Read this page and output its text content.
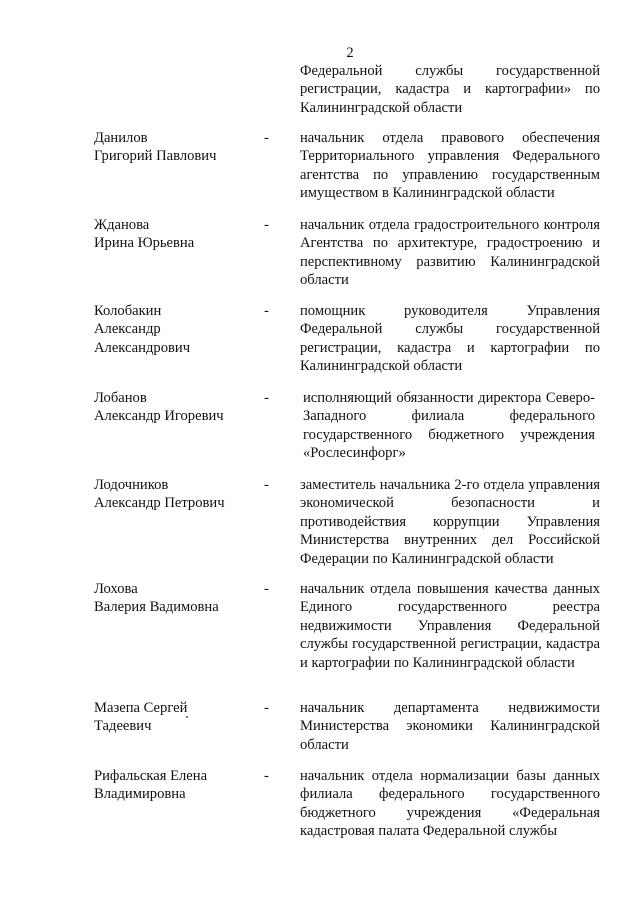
2
Федеральной службы государственной регистрации, кадастра и картографии» по Калининградской области
Данилов
Григорий Павлович
-	начальник отдела правового обеспечения Территориального управления Федерального агентства по управлению государственным имуществом в Калининградской области
Жданова
Ирина Юрьевна
-	начальник отдела градостроительного контроля Агентства по архитектуре, градостроению и перспективному развитию Калининградской области
Колобакин
Александр
Александрович
-	помощник руководителя Управления Федеральной службы государственной регистрации, кадастра и картографии по Калининградской области
Лобанов
Александр Игоревич
-	исполняющий обязанности директора Северо-Западного филиала федерального государственного бюджетного учреждения «Рослесинфорг»
Лодочников
Александр Петрович
-	заместитель начальника 2-го отдела управления экономической безопасности и противодействия коррупции Управления Министерства внутренних дел Российской Федерации по Калининградской области
Лохова
Валерия Вадимовна
-	начальник отдела повышения качества данных Единого государственного реестра недвижимости Управления Федеральной службы государственной регистрации, кадастра и картографии по Калининградской области
Мазепа Сергей
Тадеевич
-	начальник департамента недвижимости Министерства экономики Калининградской области
Рифальская Елена
Владимировна
-	начальник отдела нормализации базы данных филиала федерального государственного бюджетного учреждения «Федеральная кадастровая палата Федеральной службы
